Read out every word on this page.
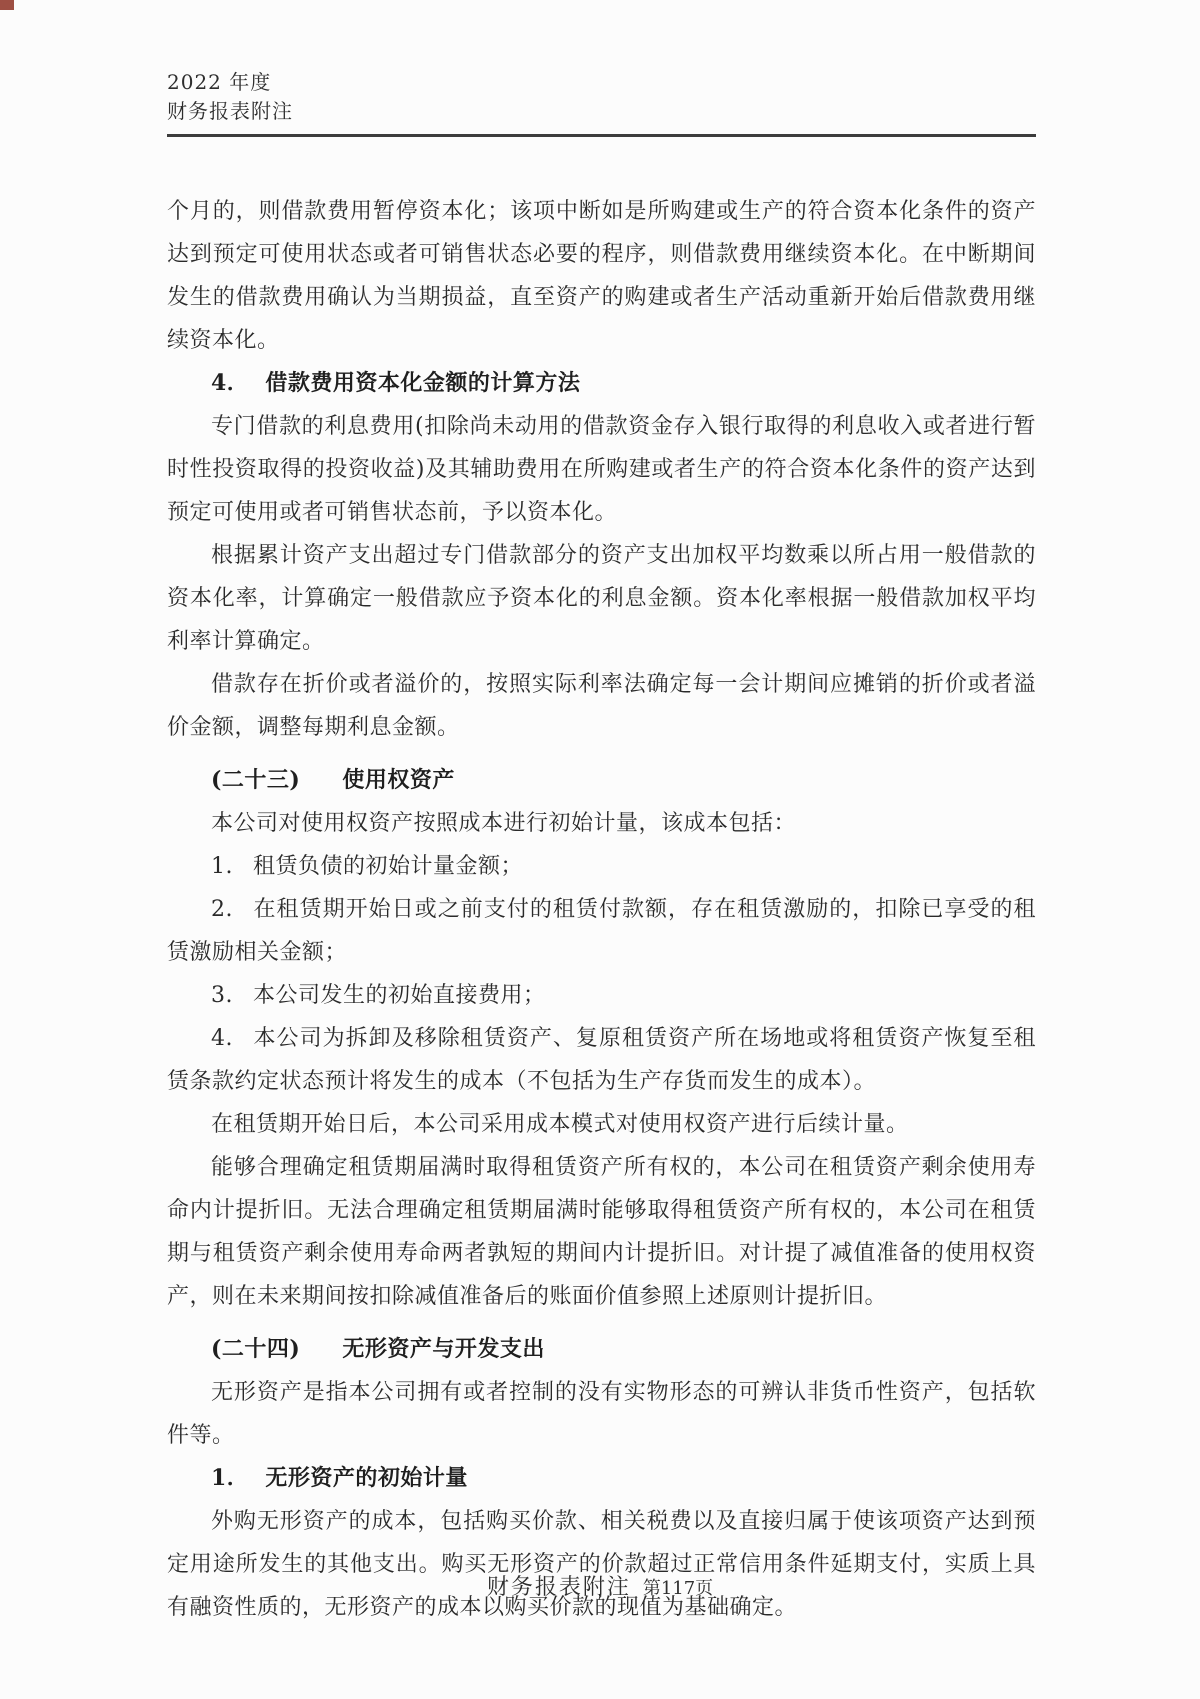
2022 年度
财务报表附注

个月的，则借款费用暂停资本化；该项中断如是所购建或生产的符合资本化条件的资产达到预定可使用状态或者可销售状态必要的程序，则借款费用继续资本化。在中断期间发生的借款费用确认为当期损益，直至资产的购建或者生产活动重新开始后借款费用继续资本化。

4． 借款费用资本化金额的计算方法

专门借款的利息费用(扣除尚未动用的借款资金存入银行取得的利息收入或者进行暂时性投资取得的投资收益)及其辅助费用在所购建或者生产的符合资本化条件的资产达到预定可使用或者可销售状态前，予以资本化。

根据累计资产支出超过专门借款部分的资产支出加权平均数乘以所占用一般借款的资本化率，计算确定一般借款应予资本化的利息金额。资本化率根据一般借款加权平均利率计算确定。

借款存在折价或者溢价的，按照实际利率法确定每一会计期间应摊销的折价或者溢价金额，调整每期利息金额。

(二十三) 使用权资产

本公司对使用权资产按照成本进行初始计量，该成本包括：

1. 租赁负债的初始计量金额；

2. 在租赁期开始日或之前支付的租赁付款额，存在租赁激励的，扣除已享受的租赁激励相关金额；

3. 本公司发生的初始直接费用；

4. 本公司为拆卸及移除租赁资产、复原租赁资产所在场地或将租赁资产恢复至租赁条款约定状态预计将发生的成本（不包括为生产存货而发生的成本）。

在租赁期开始日后，本公司采用成本模式对使用权资产进行后续计量。

能够合理确定租赁期届满时取得租赁资产所有权的，本公司在租赁资产剩余使用寿命内计提折旧。无法合理确定租赁期届满时能够取得租赁资产所有权的，本公司在租赁期与租赁资产剩余使用寿命两者孰短的期间内计提折旧。对计提了减值准备的使用权资产，则在未来期间按扣除减值准备后的账面价值参照上述原则计提折旧。

(二十四) 无形资产与开发支出

无形资产是指本公司拥有或者控制的没有实物形态的可辨认非货币性资产，包括软件等。

1． 无形资产的初始计量

外购无形资产的成本，包括购买价款、相关税费以及直接归属于使该项资产达到预定用途所发生的其他支出。购买无形资产的价款超过正常信用条件延期支付，实质上具有融资性质的，无形资产的成本以购买价款的现值为基础确定。

财务报表附注 第117页
